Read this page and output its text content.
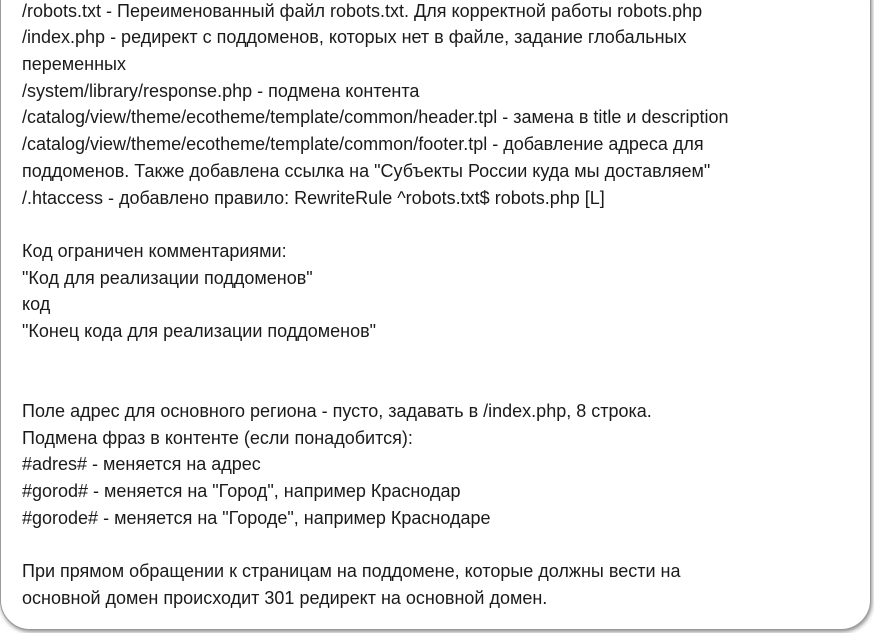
/robots.txt - Переименованный файл robots.txt. Для корректной работы robots.php
/index.php - редирект с поддоменов, которых нет в файле, задание глобальных
переменных
/system/library/response.php - подмена контента
/catalog/view/theme/ecotheme/template/common/header.tpl - замена в title и description
/catalog/view/theme/ecotheme/template/common/footer.tpl - добавление адреса для
поддоменов. Также добавлена ссылка на "Субъекты России куда мы доставляем"
/.htaccess - добавлено правило: RewriteRule ^robots.txt$ robots.php [L]
Код ограничен комментариями:
"Код для реализации поддоменов"
код
"Конец кода для реализации поддоменов"
Поле адрес для основного региона - пусто, задавать в /index.php, 8 строка.
Подмена фраз в контенте (если понадобится):
#adres# - меняется на адрес
#gorod# - меняется на "Город", например Краснодар
#gorode# - меняется на "Городе", например Краснодаре
При прямом обращении к страницам на поддомене, которые должны вести на
основной домен происходит 301 редирект на основной домен.
